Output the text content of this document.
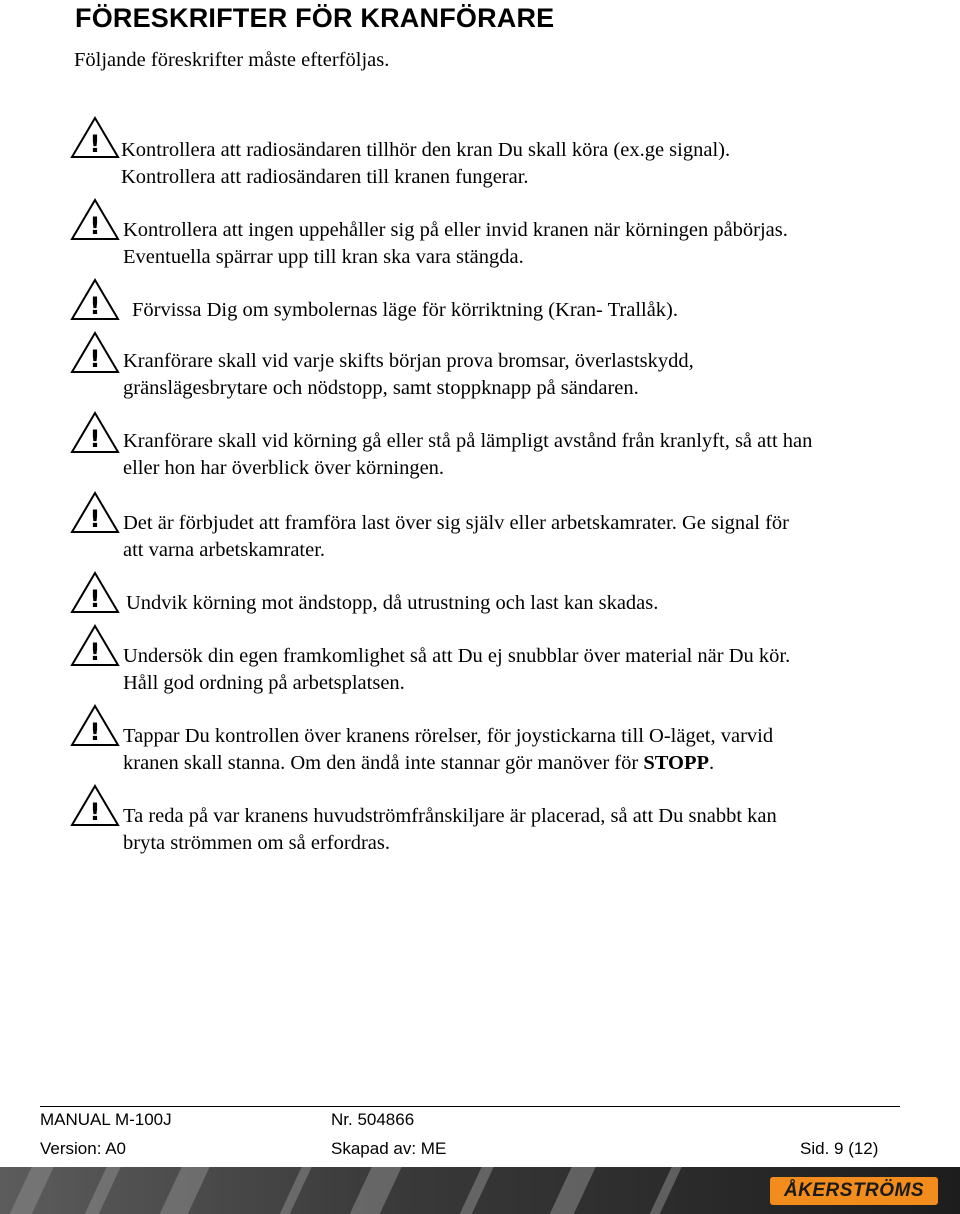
FÖRESKRIFTER FÖR KRANFÖRARE
Följande föreskrifter måste efterföljas.
! Kontrollera att radiosändaren tillhör den kran Du skall köra (ex.ge signal).
Kontrollera att radiosändaren till kranen fungerar.
! Kontrollera att ingen uppehåller sig på eller invid kranen när körningen påbörjas.
Eventuella spärrar upp till kran ska vara stängda.
! Förvissa Dig om symbolernas läge för körriktning (Kran- Trallåk).
! Kranförare skall vid varje skifts början prova bromsar, överlastskydd,
gränslägesbrytare och nödstopp, samt stoppknapp på sändaren.
! Kranförare skall vid körning gå eller stå på lämpligt avstånd från kranlyft, så att han
eller hon har överblick över körningen.
! Det är förbjudet att framföra last över sig själv eller arbetskamrater. Ge signal för
att varna arbetskamrater.
! Undvik körning mot ändstopp, då utrustning och last kan skadas.
! Undersök din egen framkomlighet så att Du ej snubblar över material när Du kör.
Håll god ordning på arbetsplatsen.
! Tappar Du kontrollen över kranens rörelser, för joystickarna till O-läget, varvid
kranen skall stanna. Om den ändå inte stannar gör manöver för STOPP.
! Ta reda på var kranens huvudströmfrånskiljare är placerad, så att Du snabbt kan
bryta strömmen om så erfordras.
MANUAL M-100J	Nr. 504866
Version: A0	Skapad av: ME	Sid. 9 (12)
ÅKERSTRÖMS
